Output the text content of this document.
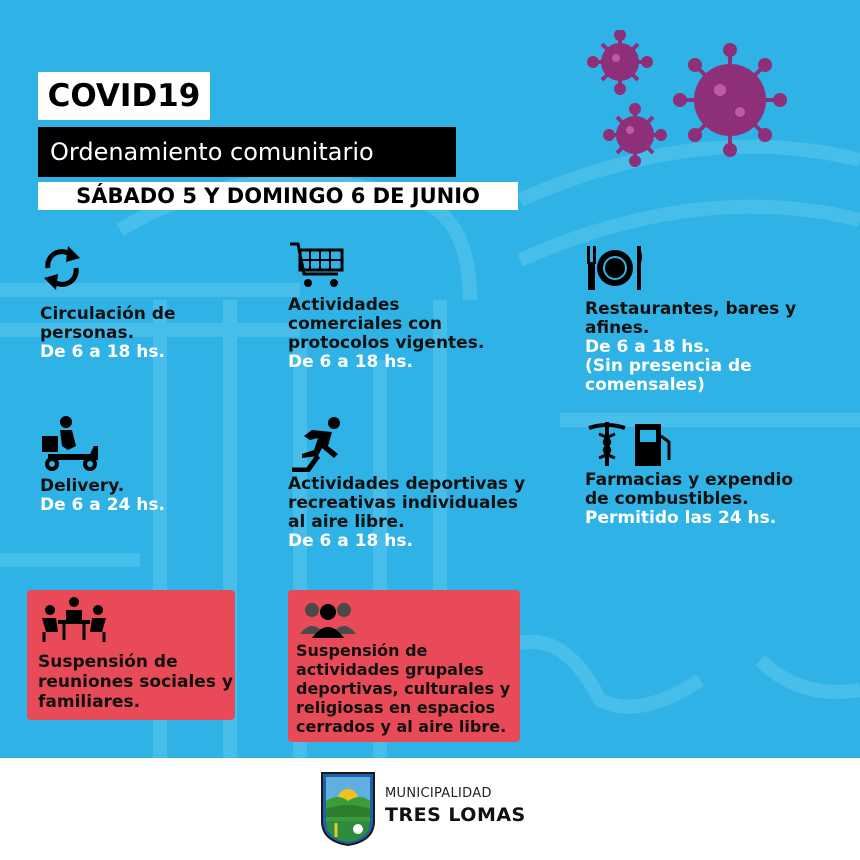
COVID19
Ordenamiento comunitario
SÁBADO 5 Y DOMINGO 6 DE JUNIO
Circulación de personas.
De 6 a 18 hs.
Actividades comerciales con protocolos vigentes.
De 6 a 18 hs.
Restaurantes, bares y afines.
De 6 a 18 hs.
(Sin presencia de comensales)
Delivery.
De 6 a 24 hs.
Actividades deportivas y recreativas individuales al aire libre.
De 6 a 18 hs.
Farmacias y expendio de combustibles.
Permitido las 24 hs.
Suspensión de reuniones sociales y familiares.
Suspensión de actividades grupales deportivas, culturales y religiosas en espacios cerrados y al aire libre.
MUNICIPALIDAD
TRES LOMAS
